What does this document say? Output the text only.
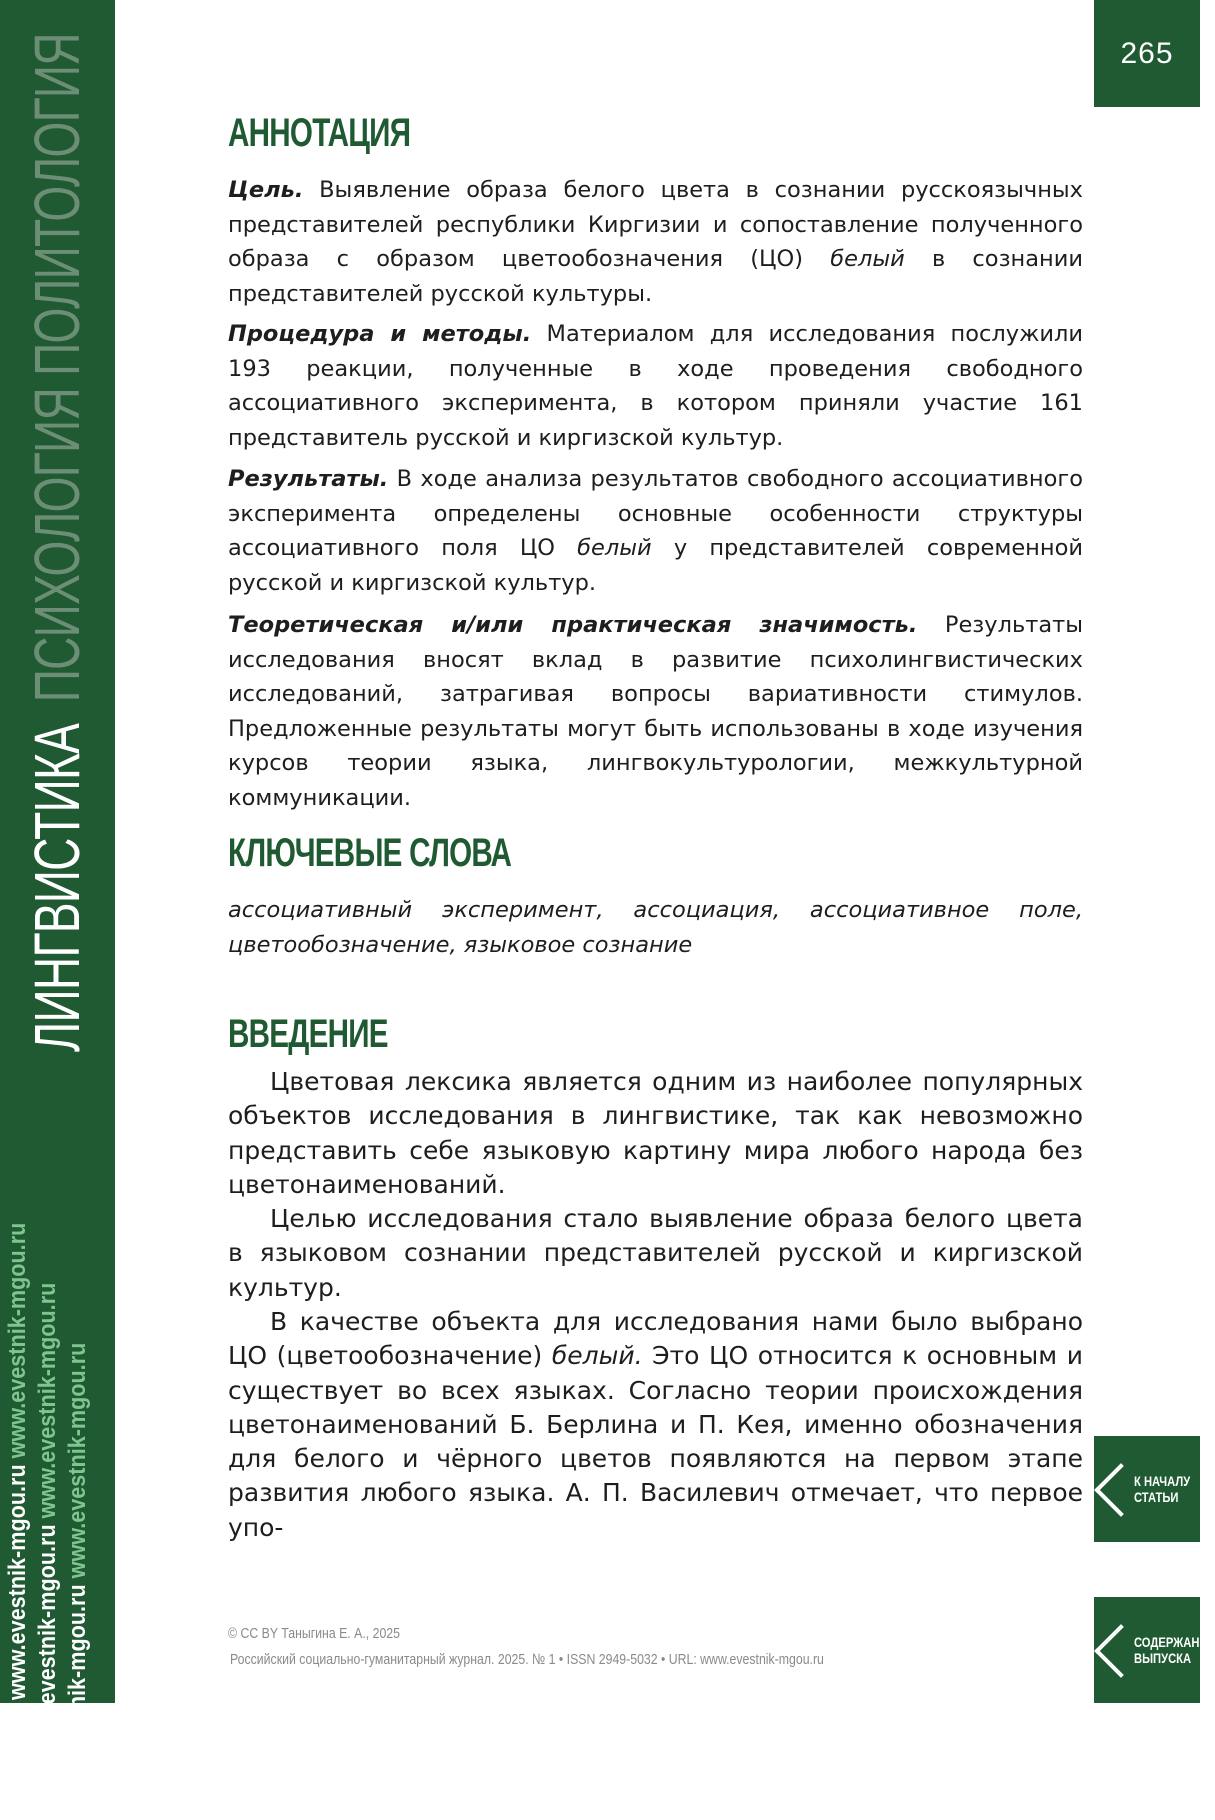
ЛИНГВИСТИКАПСИХОЛОГИЯ ПОЛИТОЛОГИЯ
www.evestnik-mgou.ru www.evestnik-mgou.ru
www.evestnik-mgou.ru www.evestnik-mgou.ru
www.evestnik-mgou.ru www.evestnik-mgou.ru
265
К НАЧАЛУ СТАТЬИ
СОДЕРЖАНИЕ ВЫПУСКА
АННОТАЦИЯ

Цель. Выявление образа белого цвета в сознании русскоязычных представителей республики Киргизии и сопоставление полученного образа с образом цветообозначения (ЦО) белый в сознании представителей русской культуры.

Процедура и методы. Материалом для исследования послужили 193 реакции, полученные в ходе проведения свободного ассоциативного эксперимента, в котором приняли участие 161 представитель русской и киргизской культур.

Результаты. В ходе анализа результатов свободного ассоциативного эксперимента определены основные особенности структуры ассоциативного поля ЦО белый у представителей современной русской и киргизской культур.

Теоретическая и/или практическая значимость. Результаты исследования вносят вклад в развитие психолингвистических исследований, затрагивая вопросы вариативности стимулов. Предложенные результаты могут быть использованы в ходе изучения курсов теории языка, лингвокультурологии, межкультурной коммуникации.

КЛЮЧЕВЫЕ СЛОВА

ассоциативный эксперимент, ассоциация, ассоциативное поле, цветообозначение, языковое сознание

ВВЕДЕНИЕ

Цветовая лексика является одним из наиболее популярных объектов исследования в лингвистике, так как невозможно представить себе языковую картину мира любого народа без цветонаименований.

Целью исследования стало выявление образа белого цвета в языковом сознании представителей русской и киргизской культур.

В качестве объекта для исследования нами было выбрано ЦО (цветообозначение) белый. Это ЦО относится к основным и существует во всех языках. Согласно теории происхождения цветонаименований Б. Берлина и П. Кея, именно обозначения для белого и чёрного цветов появляются на первом этапе развития любого языка. А. П. Василевич отмечает, что первое упо-

© CC BY Таныгина Е. А., 2025
Российский социально-гуманитарный журнал. 2025. № 1 • ISSN 2949-5032 • URL: www.evestnik-mgou.ru
